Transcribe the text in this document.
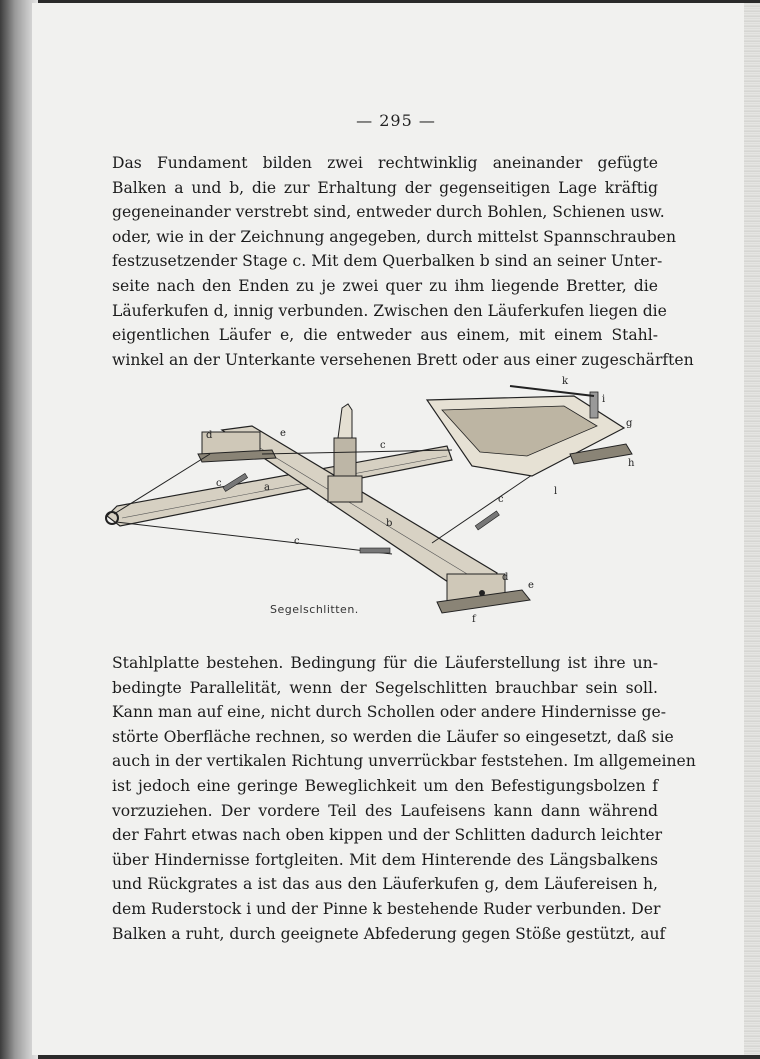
— 295 —

Das Fundament bilden zwei rechtwinklig aneinander gefügte
Balken a und b, die zur Erhaltung der gegenseitigen Lage kräftig
gegeneinander verstrebt sind, entweder durch Bohlen, Schienen usw.
oder, wie in der Zeichnung angegeben, durch mittelst Spannschrauben
festzusetzender Stage c. Mit dem Querbalken b sind an seiner Unter-
seite nach den Enden zu je zwei quer zu ihm liegende Bretter, die
Läuferkufen d, innig verbunden. Zwischen den Läuferkufen liegen die
eigentlichen Läufer e, die entweder aus einem, mit einem Stahl-
winkel an der Unterkante versehenen Brett oder aus einer zugeschärften

k
i
g
h
l
d	e
c
c	a
c
b
c
d
e
f
Segelschlitten.

Stahlplatte bestehen. Bedingung für die Läuferstellung ist ihre un-
bedingte Parallelität, wenn der Segelschlitten brauchbar sein soll.
Kann man auf eine, nicht durch Schollen oder andere Hindernisse ge-
störte Oberfläche rechnen, so werden die Läufer so eingesetzt, daß sie
auch in der vertikalen Richtung unverrückbar feststehen. Im allgemeinen
ist jedoch eine geringe Beweglichkeit um den Befestigungsbolzen f
vorzuziehen. Der vordere Teil des Laufeisens kann dann während
der Fahrt etwas nach oben kippen und der Schlitten dadurch leichter
über Hindernisse fortgleiten. Mit dem Hinterende des Längsbalkens
und Rückgrates a ist das aus den Läuferkufen g, dem Läufereisen h,
dem Ruderstock i und der Pinne k bestehende Ruder verbunden. Der
Balken a ruht, durch geeignete Abfederung gegen Stöße gestützt, auf
